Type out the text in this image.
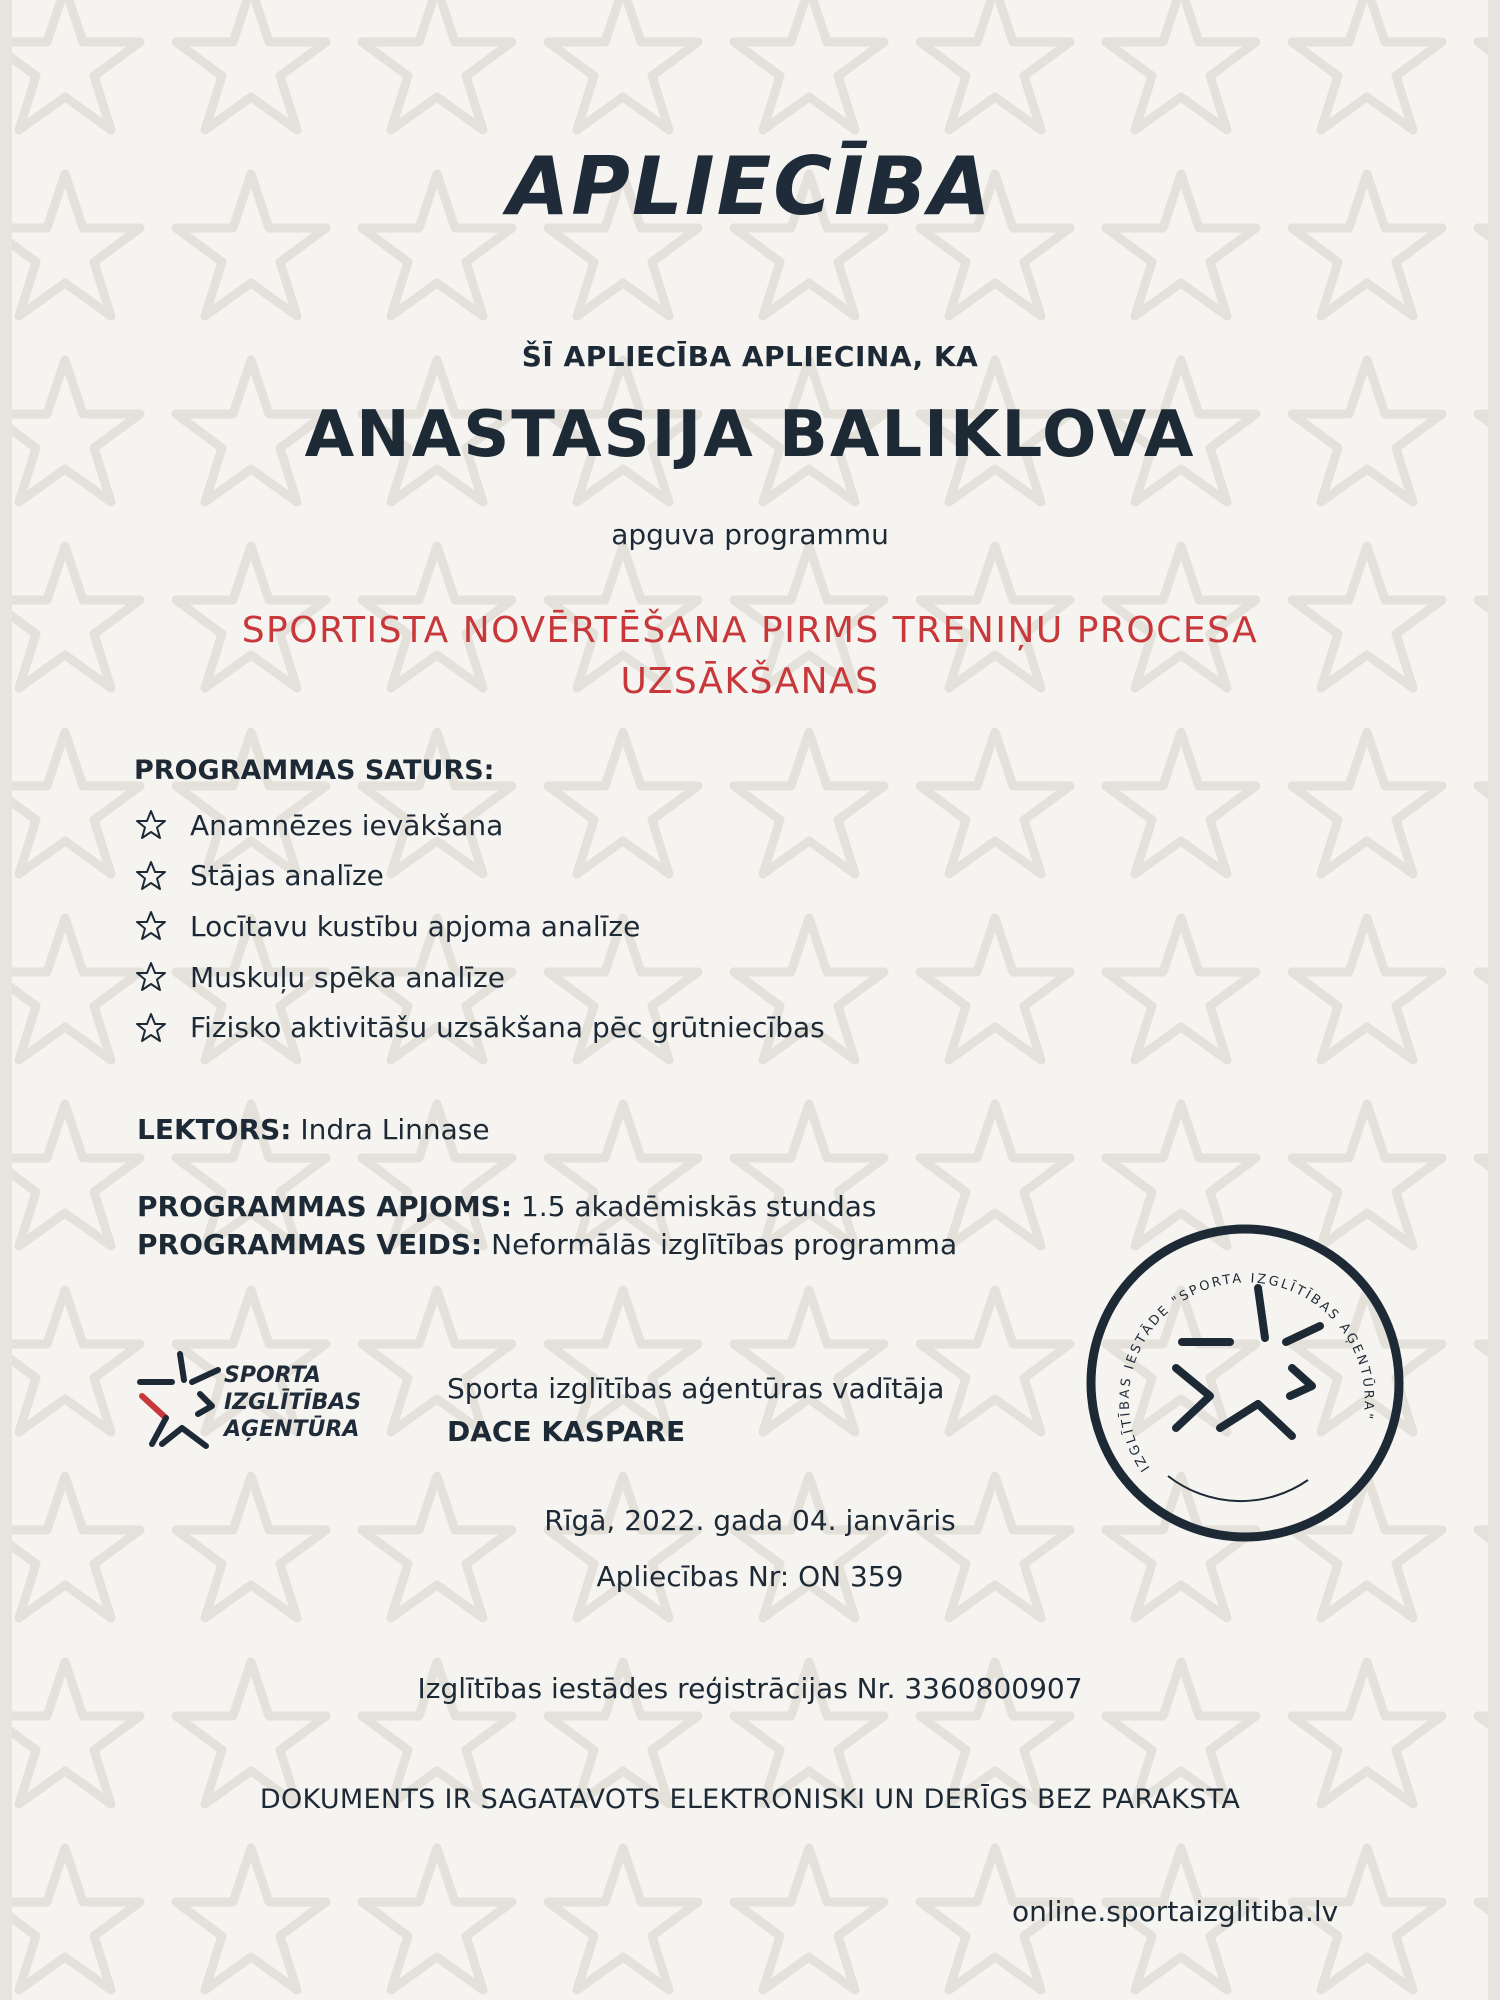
APLIECĪBA
ŠĪ APLIECĪBA APLIECINA, KA
ANASTASIJA BALIKLOVA
apguva programmu
SPORTISTA NOVĒRTĒŠANA PIRMS TRENIŅU PROCESA
UZSĀKŠANAS
PROGRAMMAS SATURS:
Anamnēzes ievākšana
Stājas analīze
Locītavu kustību apjoma analīze
Muskuļu spēka analīze
Fizisko aktivitāšu uzsākšana pēc grūtniecības
LEKTORS: Indra Linnase
PROGRAMMAS APJOMS: 1.5 akadēmiskās stundas
PROGRAMMAS VEIDS: Neformālās izglītības programma
SPORTA
IZGLĪTĪBAS
AĢENTŪRA
Sporta izglītības aģentūras vadītāja
DACE KASPARE
IZGLĪTĪBAS IESTĀDE "SPORTA IZGLĪTĪBAS AĢENTŪRA"
Rīgā, 2022. gada 04. janvāris
Apliecības Nr: ON 359
Izglītības iestādes reģistrācijas Nr. 3360800907
DOKUMENTS IR SAGATAVOTS ELEKTRONISKI UN DERĪGS BEZ PARAKSTA
online.sportaizglitiba.lv
